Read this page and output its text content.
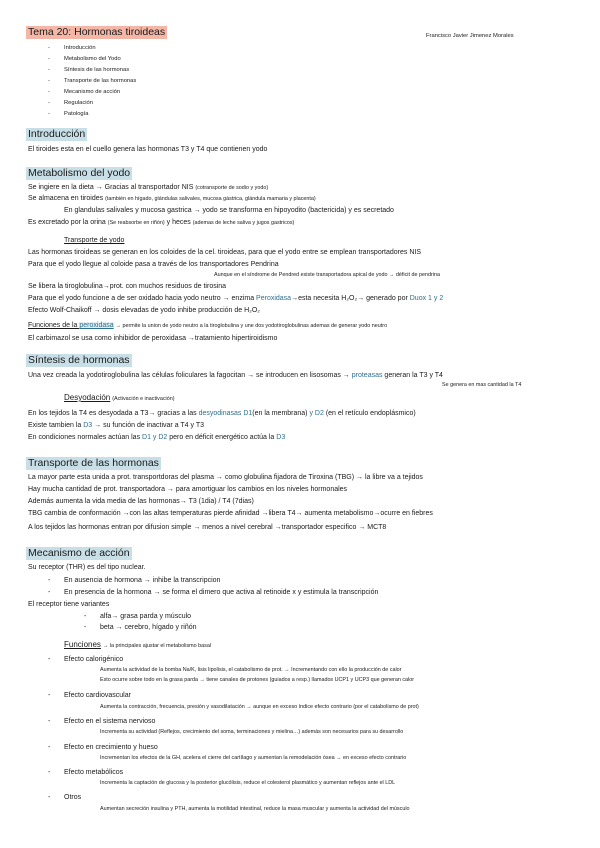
Tema 20: Hormonas tiroideas	Francisco Javier Jimenez Morales
- Introducción
- Metabolismo del Yodo
- Síntesis de las hormonas
- Transporte de las hormonas
- Mecanismo de acción
- Regulación
- Patología
Introducción
El tiroides esta en el cuello genera las hormonas T3 y T4 que contienen yodo
Metabolismo del yodo
Se ingiere en la dieta → Gracias al transportador NIS (cotransporte de sodio y yodo)
Se almacena en tiroides (también en hígado, glándulas salivales, mucosa gástrica, glándula mamaria y placenta)
En glandulas salivales y mucosa gastrica → yodo se transforma en hipoyodito (bactericida) y es secretado
Es excretado por la orina (Se reabsorbe en riñón) y heces (ademas de leche saliva y jugos gastricos)
Transporte de yodo
Las hormonas tiroideas se generan en los coloides de la cel. tiroideas, para que el yodo entre se emplean transportadores NIS
Para que el yodo llegue al coloide pasa a través de los transportadores Pendrina
Aunque en el síndrome de Pendred existe transportadora apical de yodo → déficit de pendrina
Se libera la tiroglobulina→prot. con muchos residuos de tirosina
Para que el yodo funcione a de ser oxidado hacia yodo neutro → enzima Peroxidasa→esta necesita H₂O₂→ generado por Duox 1 y 2
Efecto Wolf-Chaikoff → dosis elevadas de yodo inhibe producción de H₂O₂
Funciones de la peroxidasa → permite la union de yodo neutro a la tiroglobulina y une dos yodotiroglobulinas ademas de generar yodo neutro
El carbimazol se usa como inhibidor de peroxidasa →tratamiento hipertiroidismo
Síntesis de hormonas
Una vez creada la yodotiroglobulina las células foliculares la fagocitan → se introducen en lisosomas → proteasas generan la T3 y T4
Se genera en mas cantidad la T4
Desyodación (Activación e inactivación)
En los tejidos la T4 es desyodada a T3→ gracias a las desyodinasas D1(en la membrana) y D2 (en el retículo endoplásmico)
Existe tambien la D3 → su función de inactivar a T4 y T3
En condiciones normales actúan las D1 y D2 pero en déficit energético actúa la D3
Transporte de las hormonas
La mayor parte esta unida a prot. transportdoras del plasma → como globulina fijadora de Tiroxina (TBG) → la libre va a tejidos
Hay mucha cantidad de prot. transportadora → para amortiguar los cambios en los niveles hormonales
Además aumenta la vida media de las hormonas→ T3 (1dia) / T4 (7dias)
TBG cambia de conformación →con las altas temperaturas pierde afinidad →libera T4→ aumenta metabolismo→ocurre en fiebres
A los tejidos las hormonas entran por difusion simple → menos a nivel cerebral →transportador especifico → MCT8
Mecanismo de acción
Su receptor (THR) es del tipo nuclear.
- En ausencia de hormona → inhibe la transcripcion
- En presencia de la hormona → se forma el dimero que activa al retinoide x y estimula la transcripción
El receptor tiene variantes
- alfa→ grasa parda y músculo
- beta → cerebro, hígado y riñón
Funciones → la principales ajustar el metabolismo basal
- Efecto calorigénico
Aumenta la actividad de la bomba Na/K, lisis lipolisis, el catabolismo de prot. → Incrementando con ello la producción de calor
Esto ocurre sobre todo en la grasa parda → tiene canales de protones (guiados a resp.) llamados UCP1 y UCP3 que generan calor
- Efecto cardiovascular
Aumenta la contracción, frecuencia, presión y vasodilatación → aunque en exceso índice efecto contrario (por el catabolismo de prot)
- Efecto en el sistema nervioso
Incrementa su actividad (Reflejos, crecimiento del soma, terminaciones y mielina…) además son necesarios para su desarrollo
- Efecto en crecimiento y hueso
Incrementan los efectos de la GH, acelera el cierre del cartílago y aumentan la remodelación ósea → en exceso efecto contrario
- Efecto metabólicos
Incrementa la captación de glucosa y la posterior glucólisis, reduce el colesterol plasmático y aumentan reflejos ante el LDL
- Otros
Aumentan secreción insulina y PTH, aumenta la motilidad intestinal, reduce la masa muscular y aumenta la actividad del músculo
